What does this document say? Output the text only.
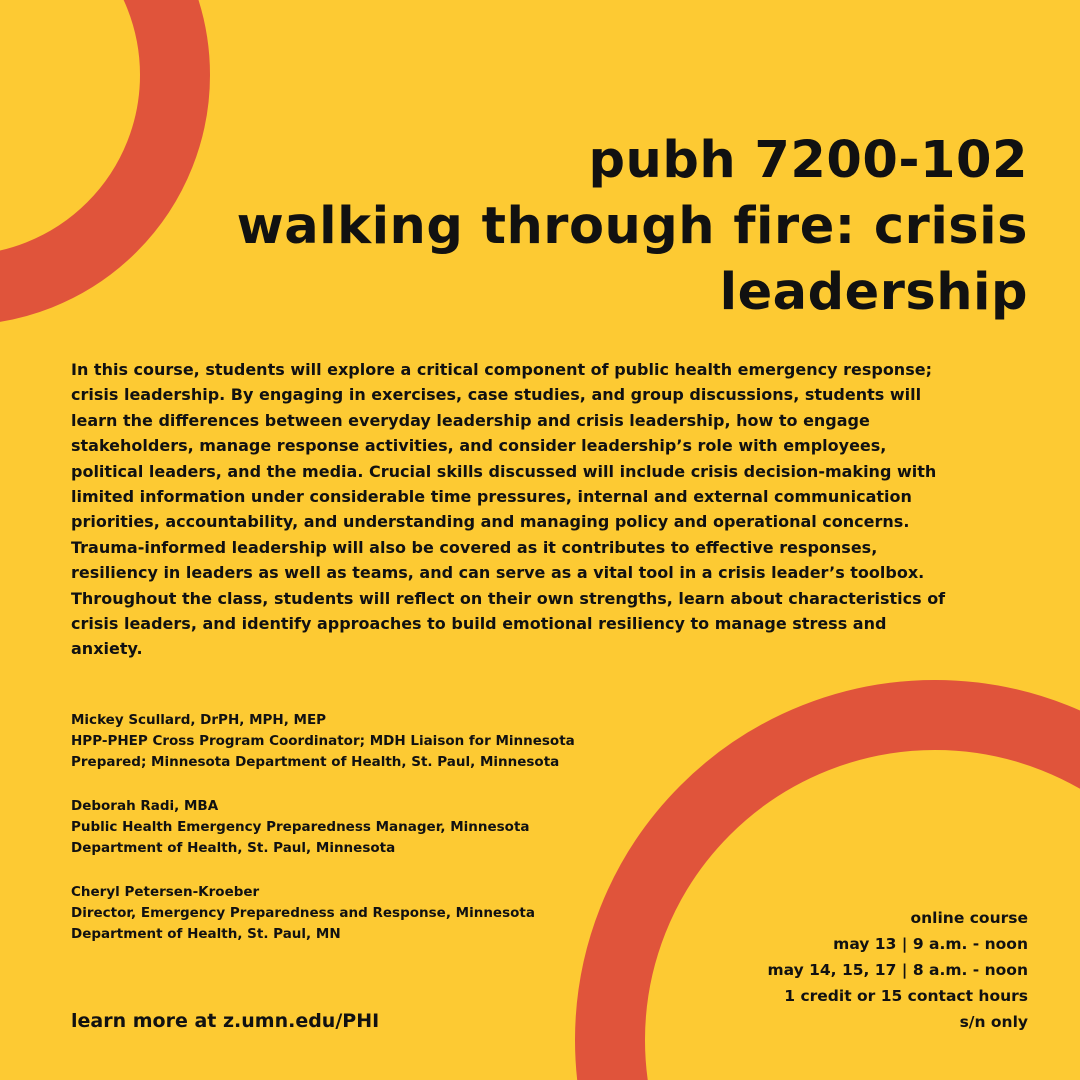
pubh 7200-102
walking through fire: crisis
leadership

In this course, students will explore a critical component of public health emergency response; crisis leadership. By engaging in exercises, case studies, and group discussions, students will learn the differences between everyday leadership and crisis leadership, how to engage stakeholders, manage response activities, and consider leadership’s role with employees, political leaders, and the media. Crucial skills discussed will include crisis decision-making with limited information under considerable time pressures, internal and external communication priorities, accountability, and understanding and managing policy and operational concerns. Trauma-informed leadership will also be covered as it contributes to effective responses, resiliency in leaders as well as teams, and can serve as a vital tool in a crisis leader’s toolbox. Throughout the class, students will reflect on their own strengths, learn about characteristics of crisis leaders, and identify approaches to build emotional resiliency to manage stress and anxiety.

Mickey Scullard, DrPH, MPH, MEP
HPP-PHEP Cross Program Coordinator; MDH Liaison for Minnesota
Prepared; Minnesota Department of Health, St. Paul, Minnesota
Deborah Radi, MBA
Public Health Emergency Preparedness Manager, Minnesota
Department of Health, St. Paul, Minnesota
Cheryl Petersen-Kroeber
Director, Emergency Preparedness and Response, Minnesota
Department of Health, St. Paul, MN
learn more at z.umn.edu/PHI
online course
may 13 | 9 a.m. - noon
may 14, 15, 17 | 8 a.m. - noon
1 credit or 15 contact hours
s/n only
